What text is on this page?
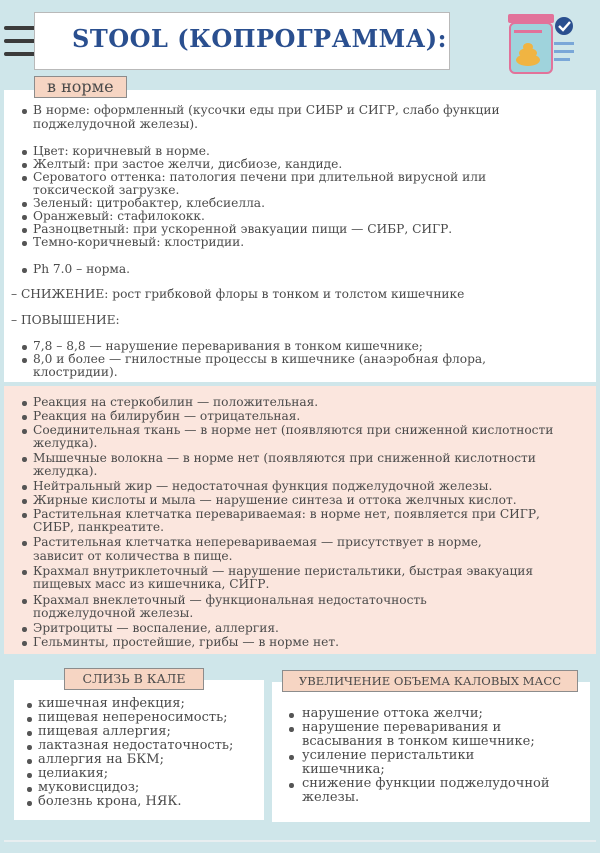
STOOL (КОПРОГРАММА):
в норме
В норме: оформленный (кусочки еды при СИБР и СИГР, слабо функции
поджелудочной железы).
Цвет: коричневый в норме.
Желтый: при застое желчи, дисбиозе, кандиде.
Сероватого оттенка: патология печени при длительной вирусной или
токсической загрузке.
Зеленый: цитробактер, клебсиелла.
Оранжевый: стафилококк.
Разноцветный: при ускоренной эвакуации пищи — СИБР, СИГР.
Темно-коричневый: клостридии.
Ph 7.0 – норма.
– СНИЖЕНИЕ: рост грибковой флоры в тонком и толстом кишечнике
– ПОВЫШЕНИЕ:
7,8 – 8,8 — нарушение переваривания в тонком кишечнике;
8,0 и более — гнилостные процессы в кишечнике (анаэробная флора,
клостридии).
Реакция на стеркобилин — положительная.
Реакция на билирубин — отрицательная.
Соединительная ткань — в норме нет (появляются при сниженной кислотности
желудка).
Мышечные волокна — в норме нет (появляются при сниженной кислотности
желудка).
Нейтральный жир — недостаточная функция поджелудочной железы.
Жирные кислоты и мыла — нарушение синтеза и оттока желчных кислот.
Растительная клетчатка перевариваемая: в норме нет, появляется при СИГР,
СИБР, панкреатите.
Растительная клетчатка неперевариваемая — присутствует в норме,
зависит от количества в пище.
Крахмал внутриклеточный — нарушение перистальтики, быстрая эвакуация
пищевых масс из кишечника, СИГР.
Крахмал внеклеточный — функциональная недостаточность
поджелудочной железы.
Эритроциты — воспаление, аллергия.
Гельминты, простейшие, грибы — в норме нет.
СЛИЗЬ В КАЛЕ	УВЕЛИЧЕНИЕ ОБЪЕМА КАЛОВЫХ МАСС
кишечная инфекция;
пищевая непереносимость;
пищевая аллергия;
лактазная недостаточность;
аллергия на БКМ;
целиакия;
муковисцидоз;
болезнь крона, НЯК.
нарушение оттока желчи;
нарушение переваривания и
всасывания в тонком кишечнике;
усиление перистальтики
кишечника;
снижение функции поджелудочной
железы.
